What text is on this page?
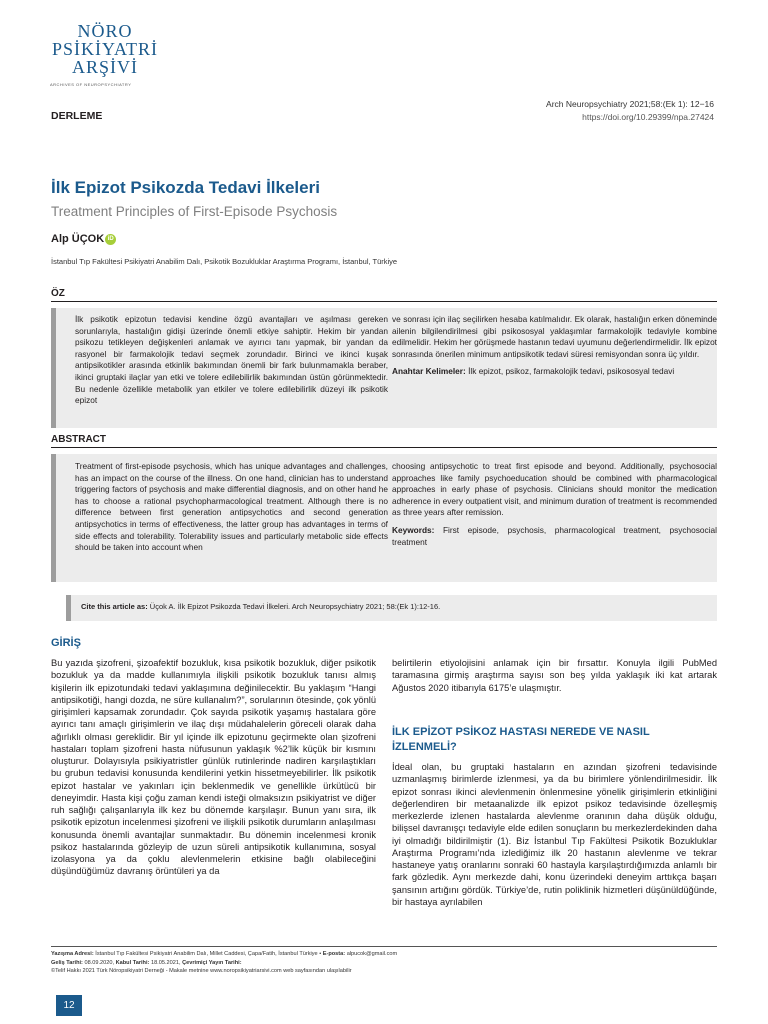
NÖRO
PSİKİYATRİ
ARŞİVİ
ARCHIVES OF NEUROPSYCHIATRY
DERLEME
Arch Neuropsychiatry 2021;58:(Ek 1): 12−16
https://doi.org/10.29399/npa.27424
İlk Epizot Psikozda Tedavi İlkeleri
Treatment Principles of First-Episode Psychosis
Alp ÜÇOK iD
İstanbul Tıp Fakültesi Psikiyatri Anabilim Dalı, Psikotik Bozukluklar Araştırma Programı, İstanbul, Türkiye
ÖZ
İlk psikotik epizotun tedavisi kendine özgü avantajları ve aşılması gereken sorunlarıyla, hastalığın gidişi üzerinde önemli etkiye sahiptir. Hekim bir yandan psikozu tetikleyen değişkenleri anlamak ve ayırıcı tanı yapmak, bir yandan da rasyonel bir farmakolojik tedavi seçmek zorundadır. Birinci ve ikinci kuşak antipsikotikler arasında etkinlik bakımından önemli bir fark bulunmamakla beraber, ikinci gruptaki ilaçlar yan etki ve tolere edilebilirlik bakımından üstün görünmektedir. Bu nedenle özellikle metabolik yan etkiler ve tolere edilebilirlik düzeyi ilk psikotik epizot
ve sonrası için ilaç seçilirken hesaba katılmalıdır. Ek olarak, hastalığın erken döneminde ailenin bilgilendirilmesi gibi psikososyal yaklaşımlar farmakolojik tedaviyle kombine edilmelidir. Hekim her görüşmede hastanın tedavi uyumunu değerlendirmelidir. İlk epizot sonrasında önerilen minimum antipsikotik tedavi süresi remisyondan sonra üç yıldır.
Anahtar Kelimeler: İlk epizot, psikoz, farmakolojik tedavi, psikososyal tedavi
ABSTRACT
Treatment of first-episode psychosis, which has unique advantages and challenges, has an impact on the course of the illness. On one hand, clinician has to understand triggering factors of psychosis and make differential diagnosis, and on other hand he has to choose a rational psychopharmacological treatment. Although there is no difference between first generation antipsychotics and second generation antipsychotics in terms of effectiveness, the latter group has advantages in terms of side effects and tolerability. Tolerability issues and particularly metabolic side effects should be taken into account when
choosing antipsychotic to treat first episode and beyond. Additionally, psychosocial approaches like family psychoeducation should be combined with pharmacological approaches in early phase of psychosis. Clinicians should monitor the medication adherence in every outpatient visit, and minimum duration of treatment is recommended as three years after remission.
Keywords: First episode, psychosis, pharmacological treatment, psychosocial treatment
Cite this article as: Üçok A. İlk Epizot Psikozda Tedavi İlkeleri. Arch Neuropsychiatry 2021; 58:(Ek 1):12-16.
GİRİŞ
Bu yazıda şizofreni, şizoafektif bozukluk, kısa psikotik bozukluk, diğer psikotik bozukluk ya da madde kullanımıyla ilişkili psikotik bozukluk tanısı almış kişilerin ilk epizotundaki tedavi yaklaşımına değinilecektir. Bu yaklaşım “Hangi antipsikotiği, hangi dozda, ne süre kullanalım?”, sorularının ötesinde, çok yönlü girişimleri kapsamak zorundadır. Çok sayıda psikotik yaşamış hastalara göre ayırıcı tanı amaçlı girişimlerin ve ilaç dışı müdahalelerin göreceli olarak daha ağırlıklı olması gereklidir. Bir yıl içinde ilk epizotunu geçirmekte olan şizofreni hastaları toplam şizofreni hasta nüfusunun yaklaşık %2’lik küçük bir kısmını oluşturur. Dolayısıyla psikiyatristler günlük rutinlerinde nadiren karşılaştıkları bu grubun tedavisi konusunda kendilerini yetkin hissetmeyebilirler. İlk psikotik epizot hastalar ve yakınları için beklenmedik ve genellikle ürkütücü bir deneyimdir. Hasta kişi çoğu zaman kendi isteği olmaksızın psikiyatrist ve diğer ruh sağlığı çalışanlarıyla ilk kez bu dönemde karşılaşır. Bunun yanı sıra, ilk psikotik epizotun incelenmesi şizofreni ve ilişkili psikotik durumların anlaşılması konusunda önemli avantajlar sunmaktadır. Bu dönemin incelenmesi kronik psikoz hastalarında gözleyip de uzun süreli antipsikotik kullanımına, sosyal izolasyona ya da çoklu alevlenmelerin etkisine bağlı olabileceğini düşündüğümüz davranış örüntüleri ya da
belirtilerin etiyolojisini anlamak için bir fırsattır. Konuyla ilgili PubMed taramasına girmiş araştırma sayısı son beş yılda yaklaşık iki kat artarak Ağustos 2020 itibarıyla 6175’e ulaşmıştır.
İLK EPİZOT PSİKOZ HASTASI NEREDE VE NASIL İZLENMELİ?
İdeal olan, bu gruptaki hastaların en azından şizofreni tedavisinde uzmanlaşmış birimlerde izlenmesi, ya da bu birimlere yönlendirilmesidir. İlk epizot sonrası ikinci alevlenmenin önlenmesine yönelik girişimlerin etkinliğini değerlendiren bir metaanalizde ilk epizot psikoz tedavisinde özelleşmiş merkezlerde izlenen hastalarda alevlenme oranının daha düşük olduğu, bilişsel davranışçı tedaviyle elde edilen sonuçların bu merkezlerdekinden daha iyi olmadığı bildirilmiştir (1). Biz İstanbul Tıp Fakültesi Psikotik Bozukluklar Araştırma Programı’nda izlediğimiz ilk 20 hastanın alevlenme ve tekrar hastaneye yatış oranlarını sonraki 60 hastayla karşılaştırdığımızda anlamlı bir fark gözledik. Aynı merkezde dahi, konu üzerindeki deneyim arttıkça başarı şansının artığını gördük. Türkiye’de, rutin poliklinik hizmetleri düşünüldüğünde, bir hastaya ayrılabilen
Yazışma Adresi: İstanbul Tıp Fakültesi Psikiyatri Anabilim Dalı, Millet Caddesi, Çapa/Fatih, İstanbul Türkiye • E-posta: alpucok@gmail.com
Geliş Tarihi: 08.09.2020, Kabul Tarihi: 18.05.2021, Çevrimiçi Yayın Tarihi:
©Telif Hakkı 2021 Türk Nöropsikiyatri Derneği - Makale metnine www.noropsikiyatriarsivi.com web sayfasından ulaşılabilir
12
